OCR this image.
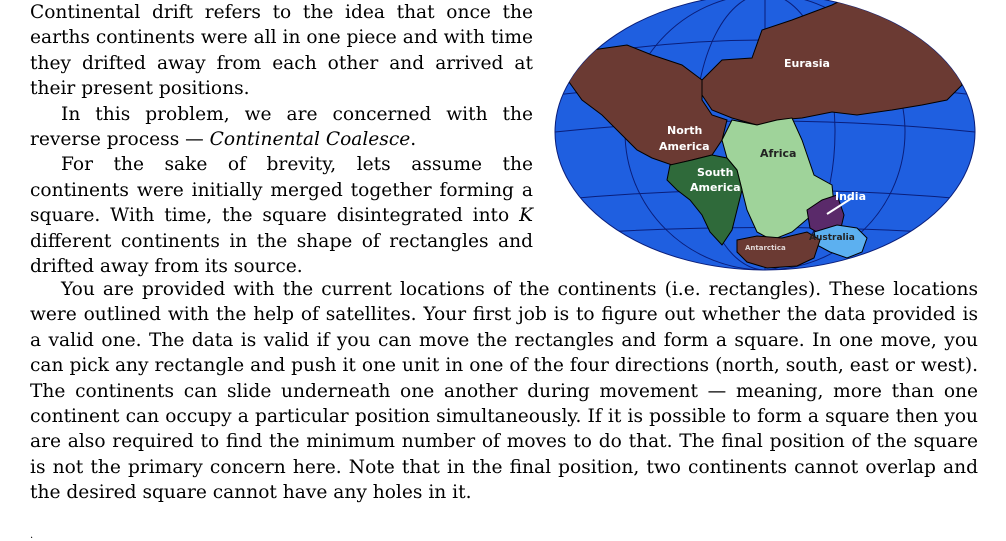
Continental drift refers to the idea that once the earths continents were all in one piece and with time they drifted away from each other and arrived at their present positions.

In this problem, we are concerned with the reverse process — Continental Coalesce.

For the sake of brevity, lets assume the continents were initially merged together forming a square. With time, the square disintegrated into K different continents in the shape of rectangles and drifted away from its source.

Eurasia
North
America
Africa
South
America
India
Australia
Antarctica

You are provided with the current locations of the continents (i.e. rectangles). These locations were outlined with the help of satellites. Your first job is to figure out whether the data provided is a valid one. The data is valid if you can move the rectangles and form a square. In one move, you can pick any rectangle and push it one unit in one of the four directions (north, south, east or west). The continents can slide underneath one another during movement — meaning, more than one continent can occupy a particular position simultaneously. If it is possible to form a square then you are also required to find the minimum number of moves to do that. The final position of the square is not the primary concern here. Note that in the final position, two continents cannot overlap and the desired square cannot have any holes in it.

.
